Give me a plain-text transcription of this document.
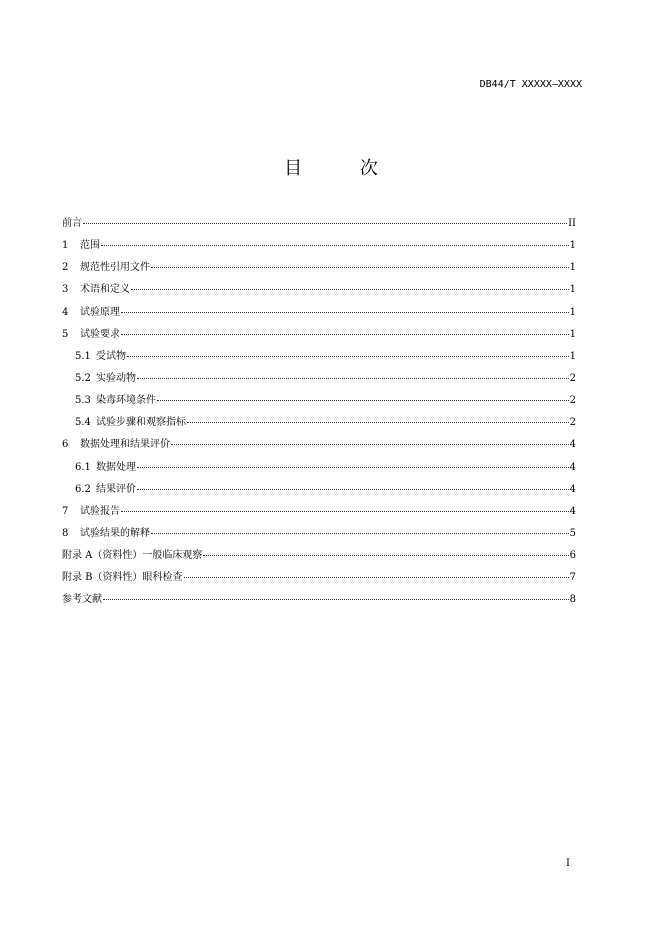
DB44/T XXXXX—XXXX
目 次
前言	II
1	范围	1
2	规范性引用文件	1
3	术语和定义	1
4	试验原理	1
5	试验要求	1
5.1 受试物	1
5.2 实验动物	2
5.3 染毒环境条件	2
5.4 试验步骤和观察指标	2
6	数据处理和结果评价	4
6.1 数据处理	4
6.2 结果评价	4
7	试验报告	4
8	试验结果的解释	5
附录 A（资料性）一般临床观察	6
附录 B（资料性）眼科检查	7
参考文献	8
I
